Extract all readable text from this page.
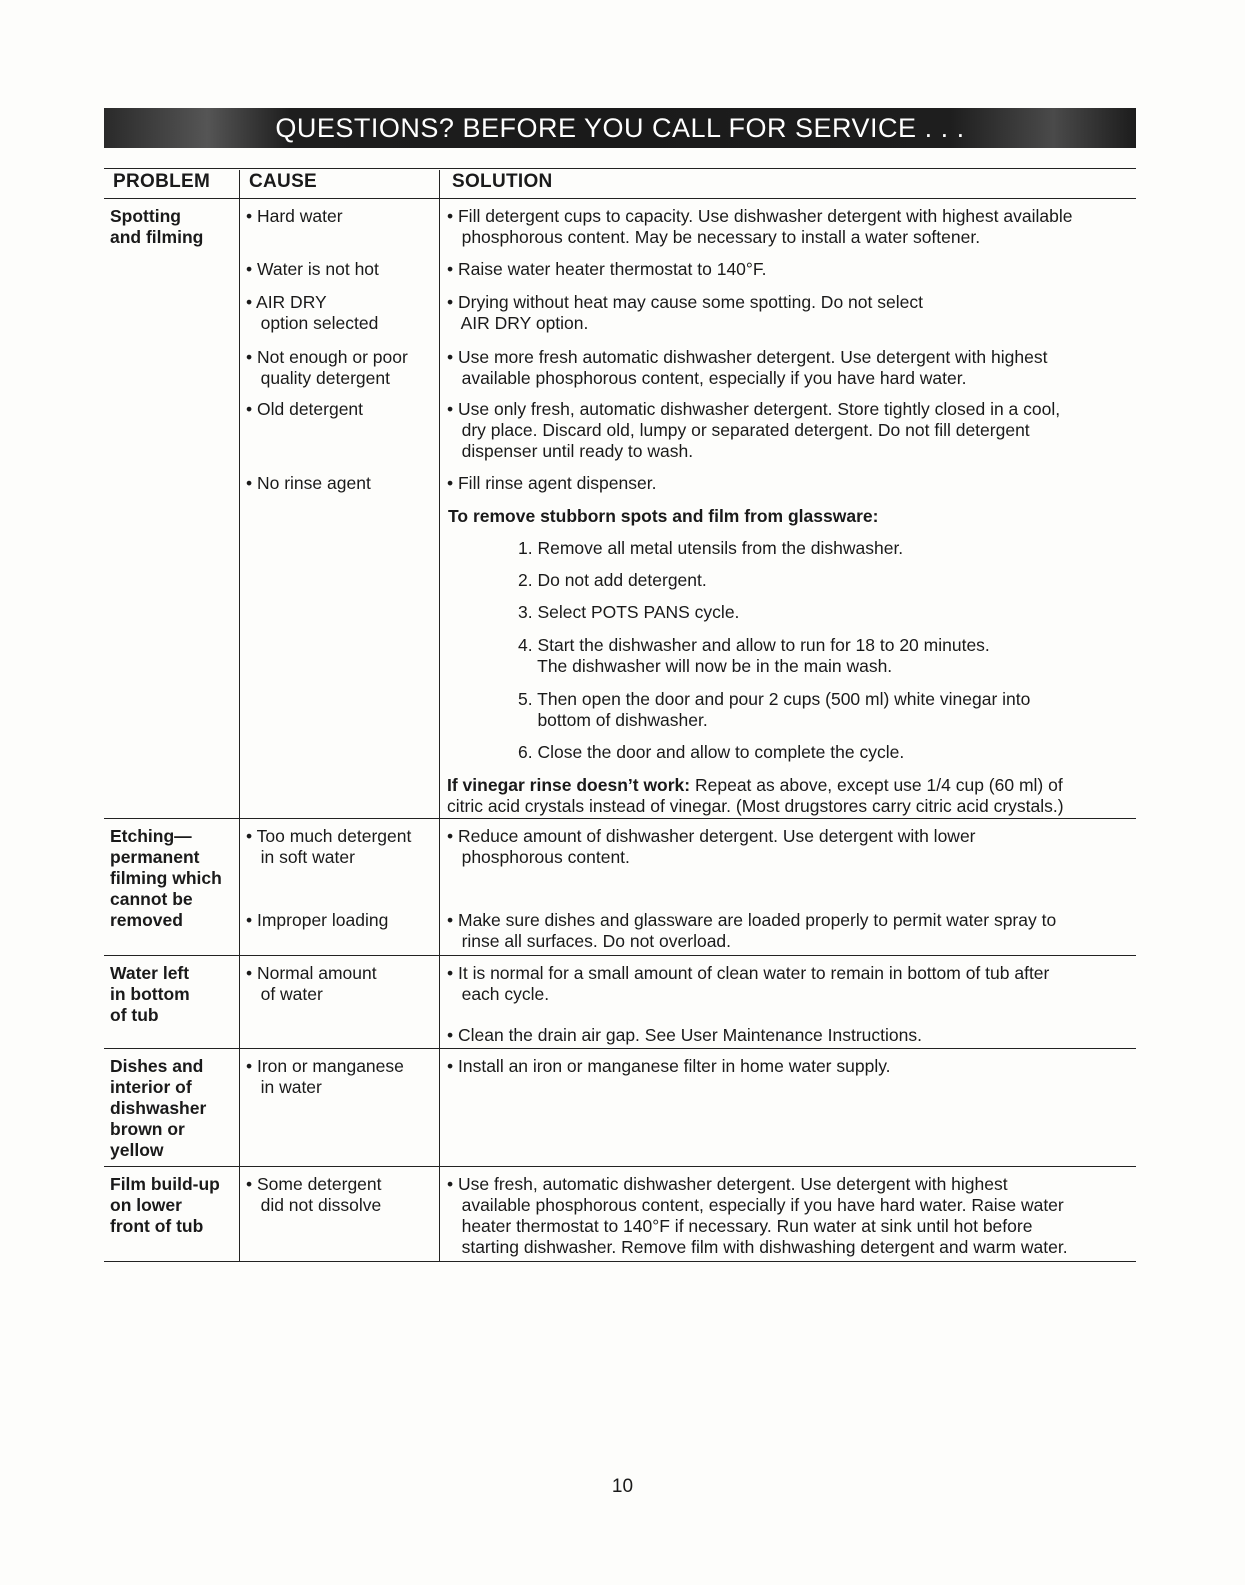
QUESTIONS? BEFORE YOU CALL FOR SERVICE . . .
PROBLEM CAUSE	SOLUTION
Spotting
and filming
• Hard water
• Water is not hot
• AIR DRY
option selected
• Not enough or poor
quality detergent
• Old detergent
• No rinse agent
• Fill detergent cups to capacity. Use dishwasher detergent with highest available
phosphorous content. May be necessary to install a water softener.
• Raise water heater thermostat to 140°F.
• Drying without heat may cause some spotting. Do not select
AIR DRY option.
• Use more fresh automatic dishwasher detergent. Use detergent with highest
available phosphorous content, especially if you have hard water.
• Use only fresh, automatic dishwasher detergent. Store tightly closed in a cool,
dry place. Discard old, lumpy or separated detergent. Do not fill detergent
dispenser until ready to wash.
• Fill rinse agent dispenser.
To remove stubborn spots and film from glassware:
1. Remove all metal utensils from the dishwasher.
2. Do not add detergent.
3. Select POTS PANS cycle.
4. Start the dishwasher and allow to run for 18 to 20 minutes.
The dishwasher will now be in the main wash.
5. Then open the door and pour 2 cups (500 ml) white vinegar into
bottom of dishwasher.
6. Close the door and allow to complete the cycle.
If vinegar rinse doesn’t work: Repeat as above, except use 1/4 cup (60 ml) of
citric acid crystals instead of vinegar. (Most drugstores carry citric acid crystals.)
Etching—
permanent
filming which
cannot be
removed
• Too much detergent
in soft water
• Improper loading
• Reduce amount of dishwasher detergent. Use detergent with lower
phosphorous content.
• Make sure dishes and glassware are loaded properly to permit water spray to
rinse all surfaces. Do not overload.
Water left
in bottom
of tub
• Normal amount
of water
• It is normal for a small amount of clean water to remain in bottom of tub after
each cycle.
• Clean the drain air gap. See User Maintenance Instructions.
Dishes and
interior of
dishwasher
brown or
yellow
• Iron or manganese
in water
• Install an iron or manganese filter in home water supply.
Film build-up
on lower
front of tub
• Some detergent
did not dissolve
• Use fresh, automatic dishwasher detergent. Use detergent with highest
available phosphorous content, especially if you have hard water. Raise water
heater thermostat to 140°F if necessary. Run water at sink until hot before
starting dishwasher. Remove film with dishwashing detergent and warm water.
10
